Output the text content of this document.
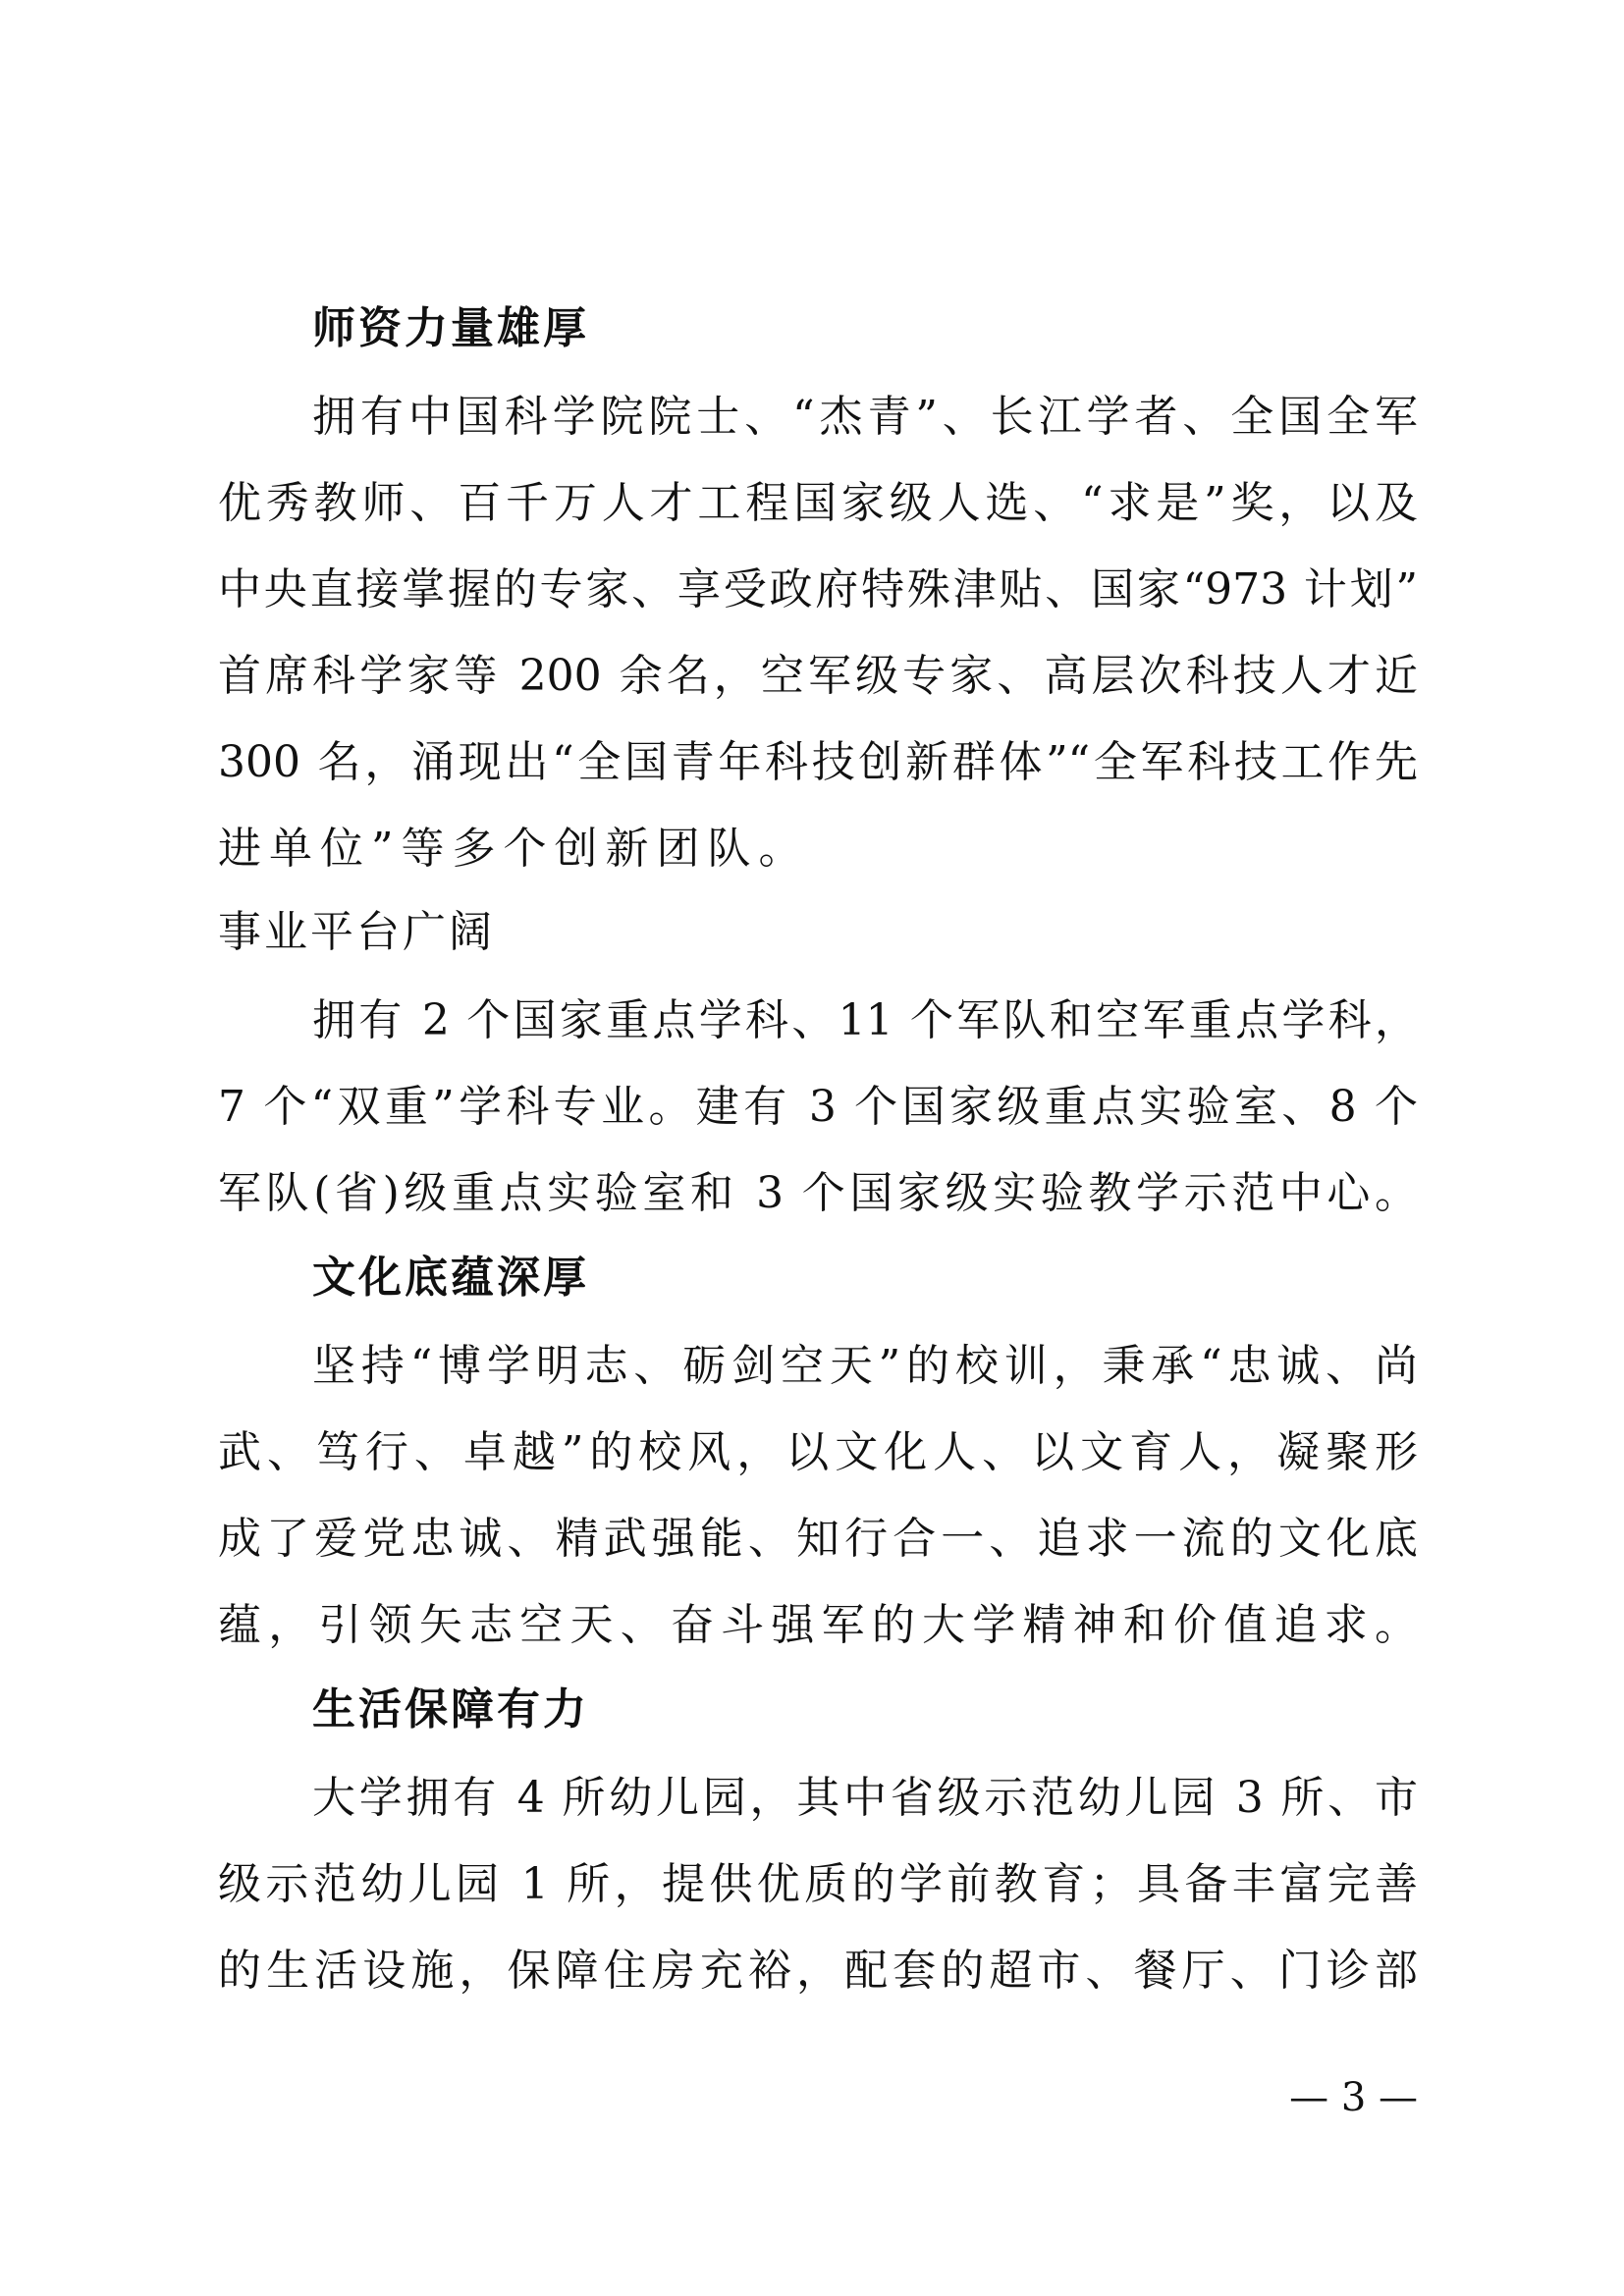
师资力量雄厚
拥有中国科学院院士、“杰青”、长江学者、全国全军
优秀教师、百千万人才工程国家级人选、“求是”奖，以及
中央直接掌握的专家、享受政府特殊津贴、国家“973 计划”
首席科学家等 200 余名，空军级专家、高层次科技人才近
300 名，涌现出“全国青年科技创新群体”“全军科技工作先
进单位”等多个创新团队。
事业平台广阔
拥有 2 个国家重点学科、11 个军队和空军重点学科，
7 个“双重”学科专业。建有 3 个国家级重点实验室、8 个
军队(省)级重点实验室和 3 个国家级实验教学示范中心。
文化底蕴深厚
坚持“博学明志、砺剑空天”的校训，秉承“忠诚、尚
武、笃行、卓越”的校风，以文化人、以文育人，凝聚形
成了爱党忠诚、精武强能、知行合一、追求一流的文化底
蕴，引领矢志空天、奋斗强军的大学精神和价值追求。
生活保障有力
大学拥有 4 所幼儿园，其中省级示范幼儿园 3 所、市
级示范幼儿园 1 所，提供优质的学前教育；具备丰富完善
的生活设施，保障住房充裕，配套的超市、餐厅、门诊部
— 3 —
